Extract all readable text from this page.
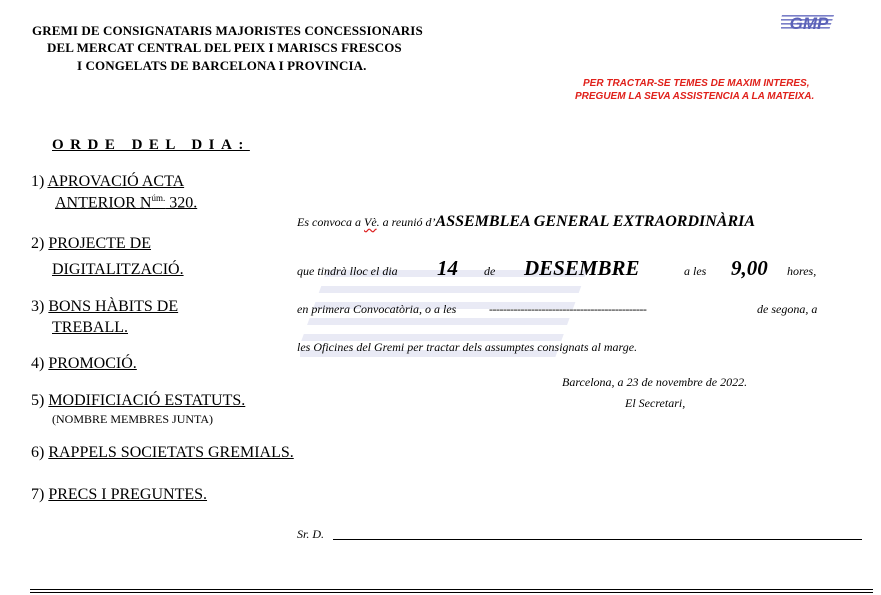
GREMI DE CONSIGNATARIS MAJORISTES CONCESSIONARIS
DEL MERCAT CENTRAL DEL PEIX I MARISCS FRESCOS
I CONGELATS DE BARCELONA I PROVINCIA.
GMP
PER TRACTAR-SE TEMES DE MAXIM INTERES,
PREGUEM LA SEVA ASSISTENCIA A LA MATEIXA.
ORDE DEL DIA:
1) APROVACIÓ ACTA
ANTERIOR $N^{úm.}$ 320.
2) PROJECTE DE
DIGITALITZACIÓ.
3) BONS HÀBITS DE
TREBALL.
4) PROMOCIÓ.
5) MODIFICIACIÓ ESTATUTS.
(NOMBRE MEMBRES JUNTA)
6) RAPPELS SOCIETATS GREMIALS.
7) PRECS I PREGUNTES.
Es convoca a Vè. a reunió d’ASSEMBLEA GENERAL EXTRAORDINÀRIA
que tindrà lloc el dia 14 de DESEMBRE	a les 9,00 hores,
en primera Convocatòria, o a les	---------------------------------------------	de segona, a
les Oficines del Gremi per tractar dels assumptes consignats al marge.
Barcelona, a 23 de novembre de 2022.
El Secretari,
Sr. D.
